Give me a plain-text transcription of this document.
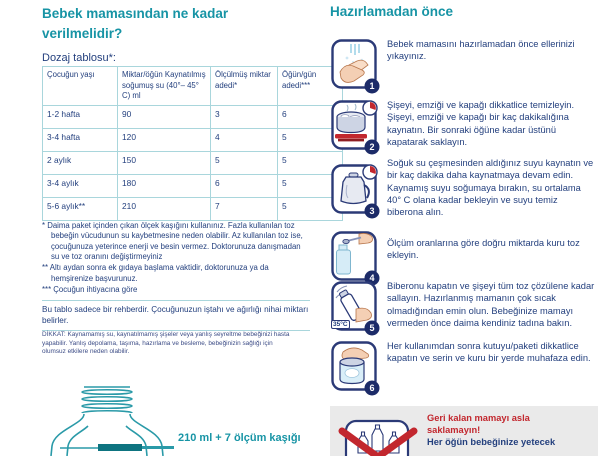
Bebek mamasından ne kadar verilmelidir?
Dozaj tablosu*:
Çocuğun yaşı	Miktar/öğün Kaynatılmış soğumuş su (40°– 45° C) ml	Ölçülmüş miktar adedi*	Öğün/gün adedi***
1-2 hafta	90	3	6
3-4 hafta	120	4	5
2 aylık	150	5	5
3-4 aylık	180	6	5
5-6 aylık**	210	7	5
* Daima paket içinden çıkan ölçek kaşığını kullanınız. Fazla kullanılan toz bebeğin vücudunun su kaybetmesine neden olabilir. Az kullanılan toz ise, çocuğunuza yeterince enerji ve besin vermez. Doktorunuza danışmadan su ve toz oranını değiştirmeyiniz
** Altı aydan sonra ek gıdaya başlama vaktidir, doktorunuza ya da hemşirenize başvurunuz.
*** Çocuğun ihtiyacına göre
Bu tablo sadece bir rehberdir. Çocuğunuzun iştahı ve ağırlığı nihai miktarı belirler.
DİKKAT: Kaynamamış su, kaynatılmamış şişeler veya yanlış seyreltme bebeğinizi hasta yapabilir. Yanlış depolama, taşıma, hazırlama ve besleme, bebeğinizin sağlığı için olumsuz etkilere neden olabilir.
210 ml + 7 ölçüm kaşığı
Hazırlamadan önce
1
Bebek mamasını hazırlamadan önce ellerinizi yıkayınız.
2
Şişeyi, emziği ve kapağı dikkatlice temizleyin. Şişeyi, emziği ve kapağı bir kaç dakikalığına kaynatın. Bir sonraki öğüne kadar üstünü kapatarak saklayın.
3
Soğuk su çeşmesinden aldığınız suyu kaynatın ve bir kaç dakika daha kaynatmaya devam edin. Kaynamış suyu soğumaya bırakın, su ortalama 40° C olana kadar bekleyin ve suyu temiz biberona alın.
4
Ölçüm oranlarına göre doğru miktarda kuru toz ekleyin.
5
35°C
Biberonu kapatın ve şişeyi tüm toz çözülene kadar sallayın. Hazırlanmış mamanın çok sıcak olmadığından emin olun. Bebeğinize mamayı vermeden önce daima kendiniz tadına bakın.
6
Her kullanımdan sonra kutuyu/paketi dikkatlice kapatın ve serin ve kuru bir yerde muhafaza edin.
Geri kalan mamayı asla saklamayın!
Her öğün bebeğinize yetecek
